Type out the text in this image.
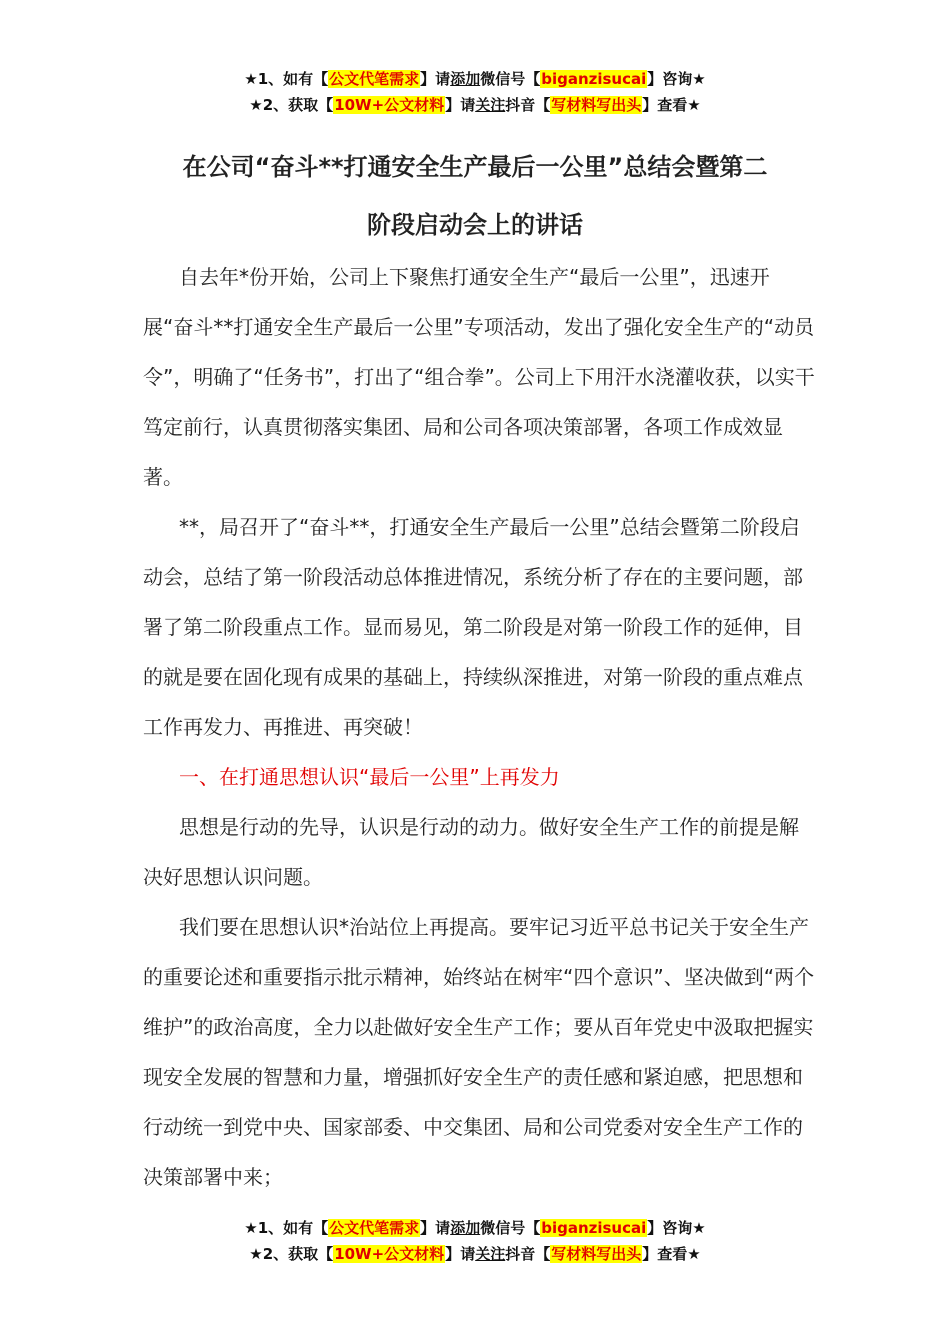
★1、如有【公文代笔需求】请添加微信号【biganzisucai】咨询★
★2、获取【10W+公文材料】请关注抖音【写材料写出头】查看★
在公司“奋斗**打通安全生产最后一公里”总结会暨第二
阶段启动会上的讲话

自去年*份开始，公司上下聚焦打通安全生产“最后一公里”，迅速开展“奋斗**打通安全生产最后一公里”专项活动，发出了强化安全生产的“动员令”，明确了“任务书”，打出了“组合拳”。公司上下用汗水浇灌收获，以实干笃定前行，认真贯彻落实集团、局和公司各项决策部署，各项工作成效显著。

**，局召开了“奋斗**，打通安全生产最后一公里”总结会暨第二阶段启动会，总结了第一阶段活动总体推进情况，系统分析了存在的主要问题，部署了第二阶段重点工作。显而易见，第二阶段是对第一阶段工作的延伸，目的就是要在固化现有成果的基础上，持续纵深推进，对第一阶段的重点难点工作再发力、再推进、再突破！

一、在打通思想认识“最后一公里”上再发力

思想是行动的先导，认识是行动的动力。做好安全生产工作的前提是解决好思想认识问题。

我们要在思想认识*治站位上再提高。要牢记习近平总书记关于安全生产的重要论述和重要指示批示精神，始终站在树牢“四个意识”、坚决做到“两个维护”的政治高度，全力以赴做好安全生产工作；要从百年党史中汲取把握实现安全发展的智慧和力量，增强抓好安全生产的责任感和紧迫感，把思想和行动统一到党中央、国家部委、中交集团、局和公司党委对安全生产工作的决策部署中来；

★1、如有【公文代笔需求】请添加微信号【biganzisucai】咨询★
★2、获取【10W+公文材料】请关注抖音【写材料写出头】查看★
